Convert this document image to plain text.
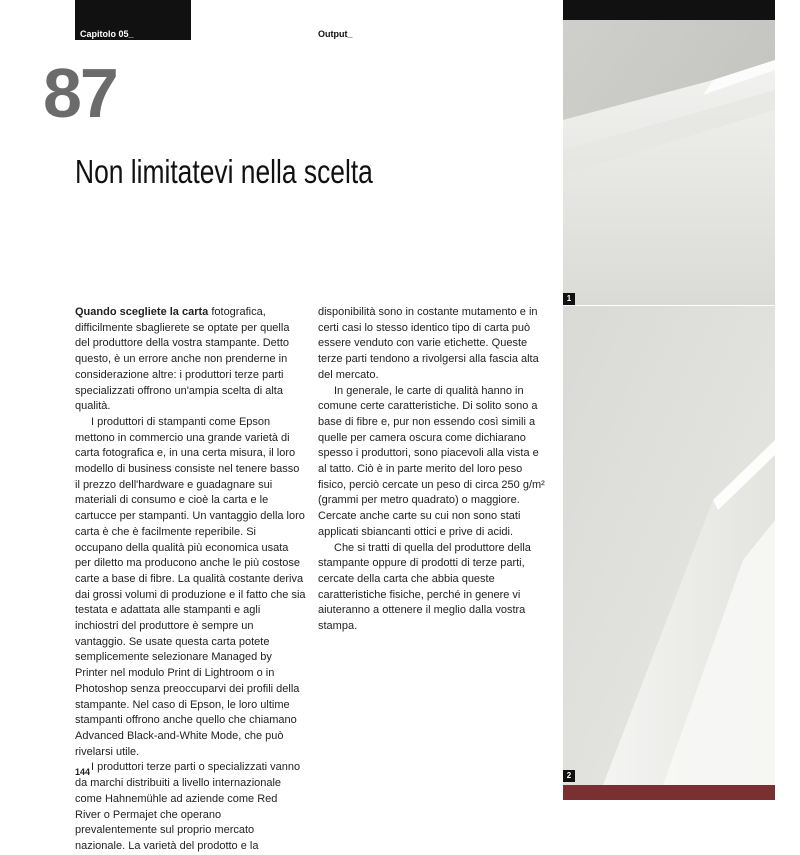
Capitolo 05_	Output_
87
Non limitatevi nella scelta

Quando scegliete la carta fotografica, difficilmente sbaglierete se optate per quella del produttore della vostra stampante. Detto questo, è un errore anche non prenderne in considerazione altre: i produttori terze parti specializzati offrono un'ampia scelta di alta qualità.

I produttori di stampanti come Epson mettono in commercio una grande varietà di carta fotografica e, in una certa misura, il loro modello di business consiste nel tenere basso il prezzo dell'hardware e guadagnare sui materiali di consumo e cioè la carta e le cartucce per stampanti. Un vantaggio della loro carta è che è facilmente reperibile. Si occupano della qualità più economica usata per diletto ma producono anche le più costose carte a base di fibre. La qualità costante deriva dai grossi volumi di produzione e il fatto che sia testata e adattata alle stampanti e agli inchiostri del produttore è sempre un vantaggio. Se usate questa carta potete semplicemente selezionare Managed by Printer nel modulo Print di Lightroom o in Photoshop senza preoccuparvi dei profili della stampante. Nel caso di Epson, le loro ultime stampanti offrono anche quello che chiamano Advanced Black-and-White Mode, che può rivelarsi utile.

I produttori terze parti o specializzati vanno da marchi distribuiti a livello internazionale come Hahnemühle ad aziende come Red River o Permajet che operano prevalentemente sul proprio mercato nazionale. La varietà del prodotto e la

disponibilità sono in costante mutamento e in certi casi lo stesso identico tipo di carta può essere venduto con varie etichette. Queste terze parti tendono a rivolgersi alla fascia alta del mercato.

In generale, le carte di qualità hanno in comune certe caratteristiche. Di solito sono a base di fibre e, pur non essendo così simili a quelle per camera oscura come dichiarano spesso i produttori, sono piacevoli alla vista e al tatto. Ciò è in parte merito del loro peso fisico, perciò cercate un peso di circa 250 g/m² (grammi per metro quadrato) o maggiore. Cercate anche carte su cui non sono stati applicati sbiancanti ottici e prive di acidi.

Che si tratti di quella del produttore della stampante oppure di prodotti di terze parti, cercate della carta che abbia queste caratteristiche fisiche, perché in genere vi aiuteranno a ottenere il meglio dalla vostra stampa.

144
1
2
